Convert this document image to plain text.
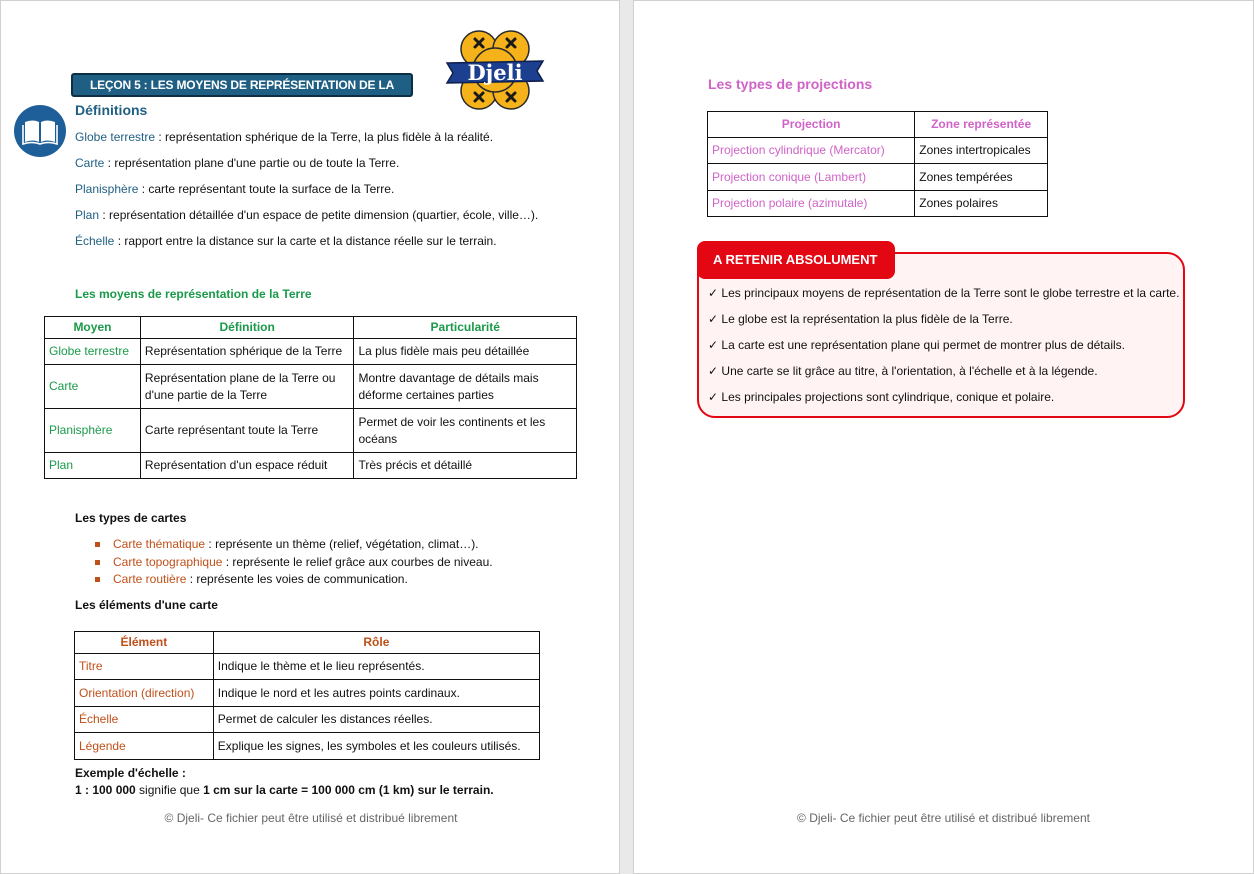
LEÇON 5 : LES MOYENS DE REPRÉSENTATION DE LA TERRE
Djeli
Définitions
Globe terrestre : représentation sphérique de la Terre, la plus fidèle à la réalité.
Carte : représentation plane d'une partie ou de toute la Terre.
Planisphère : carte représentant toute la surface de la Terre.
Plan : représentation détaillée d'un espace de petite dimension (quartier, école, ville…).
Échelle : rapport entre la distance sur la carte et la distance réelle sur le terrain.
Les moyens de représentation de la Terre
Moyen	Définition	Particularité
Globe terrestre	Représentation sphérique de la Terre	La plus fidèle mais peu détaillée
Carte	Représentation plane de la Terre ou d'une partie de la Terre	Montre davantage de détails mais déforme certaines parties
Planisphère	Carte représentant toute la Terre	Permet de voir les continents et les océans
Plan	Représentation d'un espace réduit	Très précis et détaillé
Les types de cartes
Carte thématique : représente un thème (relief, végétation, climat…).
Carte topographique : représente le relief grâce aux courbes de niveau.
Carte routière : représente les voies de communication.
Les éléments d'une carte
Élément	Rôle
Titre	Indique le thème et le lieu représentés.
Orientation (direction)	Indique le nord et les autres points cardinaux.
Échelle	Permet de calculer les distances réelles.
Légende	Explique les signes, les symboles et les couleurs utilisés.
Exemple d'échelle :
1 : 100 000 signifie que 1 cm sur la carte = 100 000 cm (1 km) sur le terrain.
© Djeli- Ce fichier peut être utilisé et distribué librement
Les types de projections
Projection	Zone représentée
Projection cylindrique (Mercator)	Zones intertropicales
Projection conique (Lambert)	Zones tempérées
Projection polaire (azimutale)	Zones polaires
A RETENIR ABSOLUMENT
✓ Les principaux moyens de représentation de la Terre sont le globe terrestre et la carte.
✓ Le globe est la représentation la plus fidèle de la Terre.
✓ La carte est une représentation plane qui permet de montrer plus de détails.
✓ Une carte se lit grâce au titre, à l'orientation, à l'échelle et à la légende.
✓ Les principales projections sont cylindrique, conique et polaire.
© Djeli- Ce fichier peut être utilisé et distribué librement
